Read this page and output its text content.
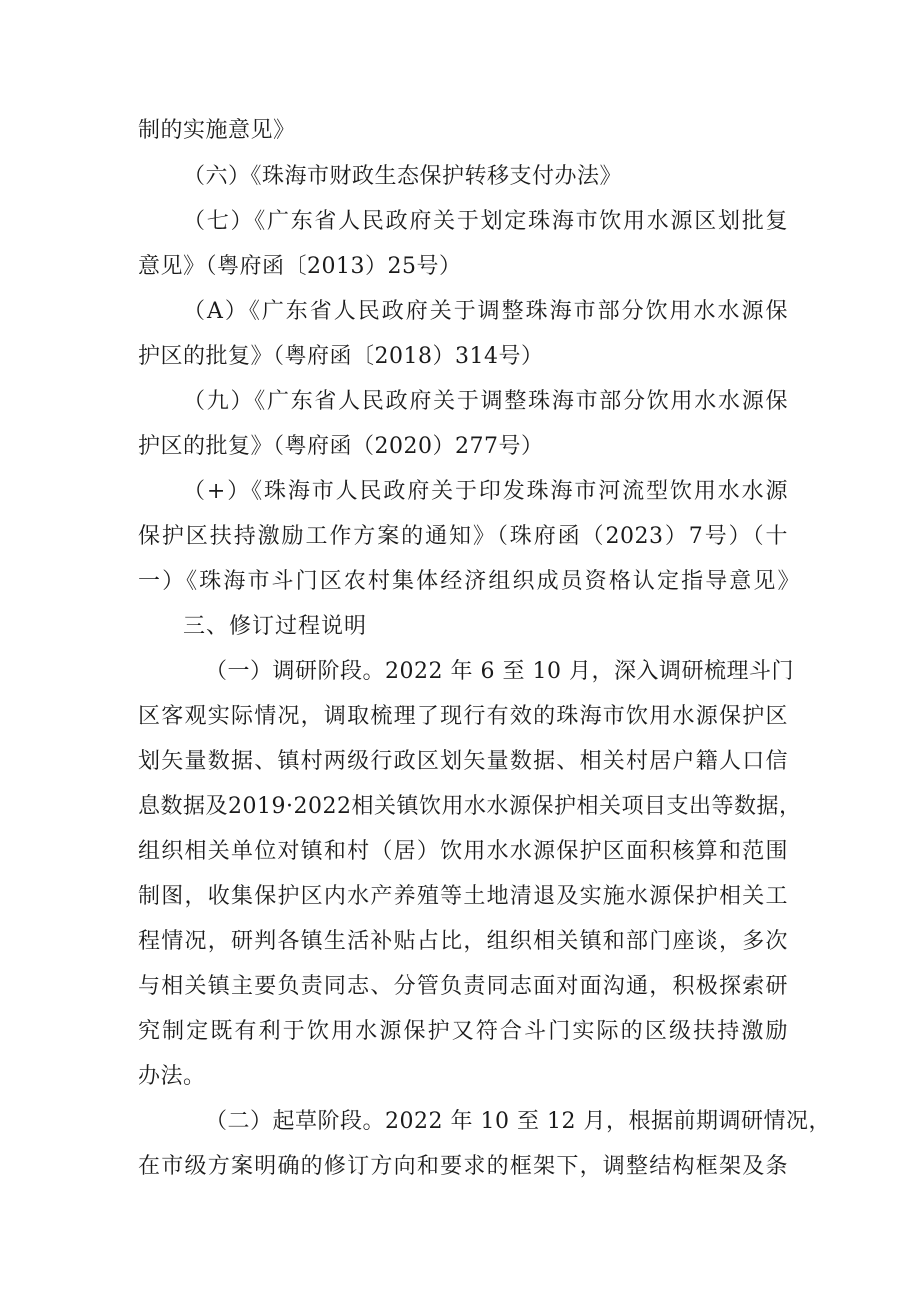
制的实施意见》
（六）《珠海市财政生态保护转移支付办法》
（七）《广东省人民政府关于划定珠海市饮用水源区划批复
意见》（粤府函〔2013）25号）
（A）《广东省人民政府关于调整珠海市部分饮用水水源保
护区的批复》（粤府函〔2018）314号）
（九）《广东省人民政府关于调整珠海市部分饮用水水源保
护区的批复》（粤府函（2020）277号）
（+）《珠海市人民政府关于印发珠海市河流型饮用水水源
保护区扶持激励工作方案的通知》（珠府函（2023）7号）（十
一）《珠海市斗门区农村集体经济组织成员资格认定指导意见》
三、修订过程说明
（一）调研阶段。2022 年 6 至 10 月，深入调研梳理斗门
区客观实际情况，调取梳理了现行有效的珠海市饮用水源保护区
划矢量数据、镇村两级行政区划矢量数据、相关村居户籍人口信
息数据及2019·2022相关镇饮用水水源保护相关项目支出等数据，
组织相关单位对镇和村（居）饮用水水源保护区面积核算和范围
制图，收集保护区内水产养殖等土地清退及实施水源保护相关工
程情况，研判各镇生活补贴占比，组织相关镇和部门座谈，多次
与相关镇主要负责同志、分管负责同志面对面沟通，积极探索研
究制定既有利于饮用水源保护又符合斗门实际的区级扶持激励
办法。
（二）起草阶段。2022 年 10 至 12 月，根据前期调研情况，
在市级方案明确的修订方向和要求的框架下，调整结构框架及条
